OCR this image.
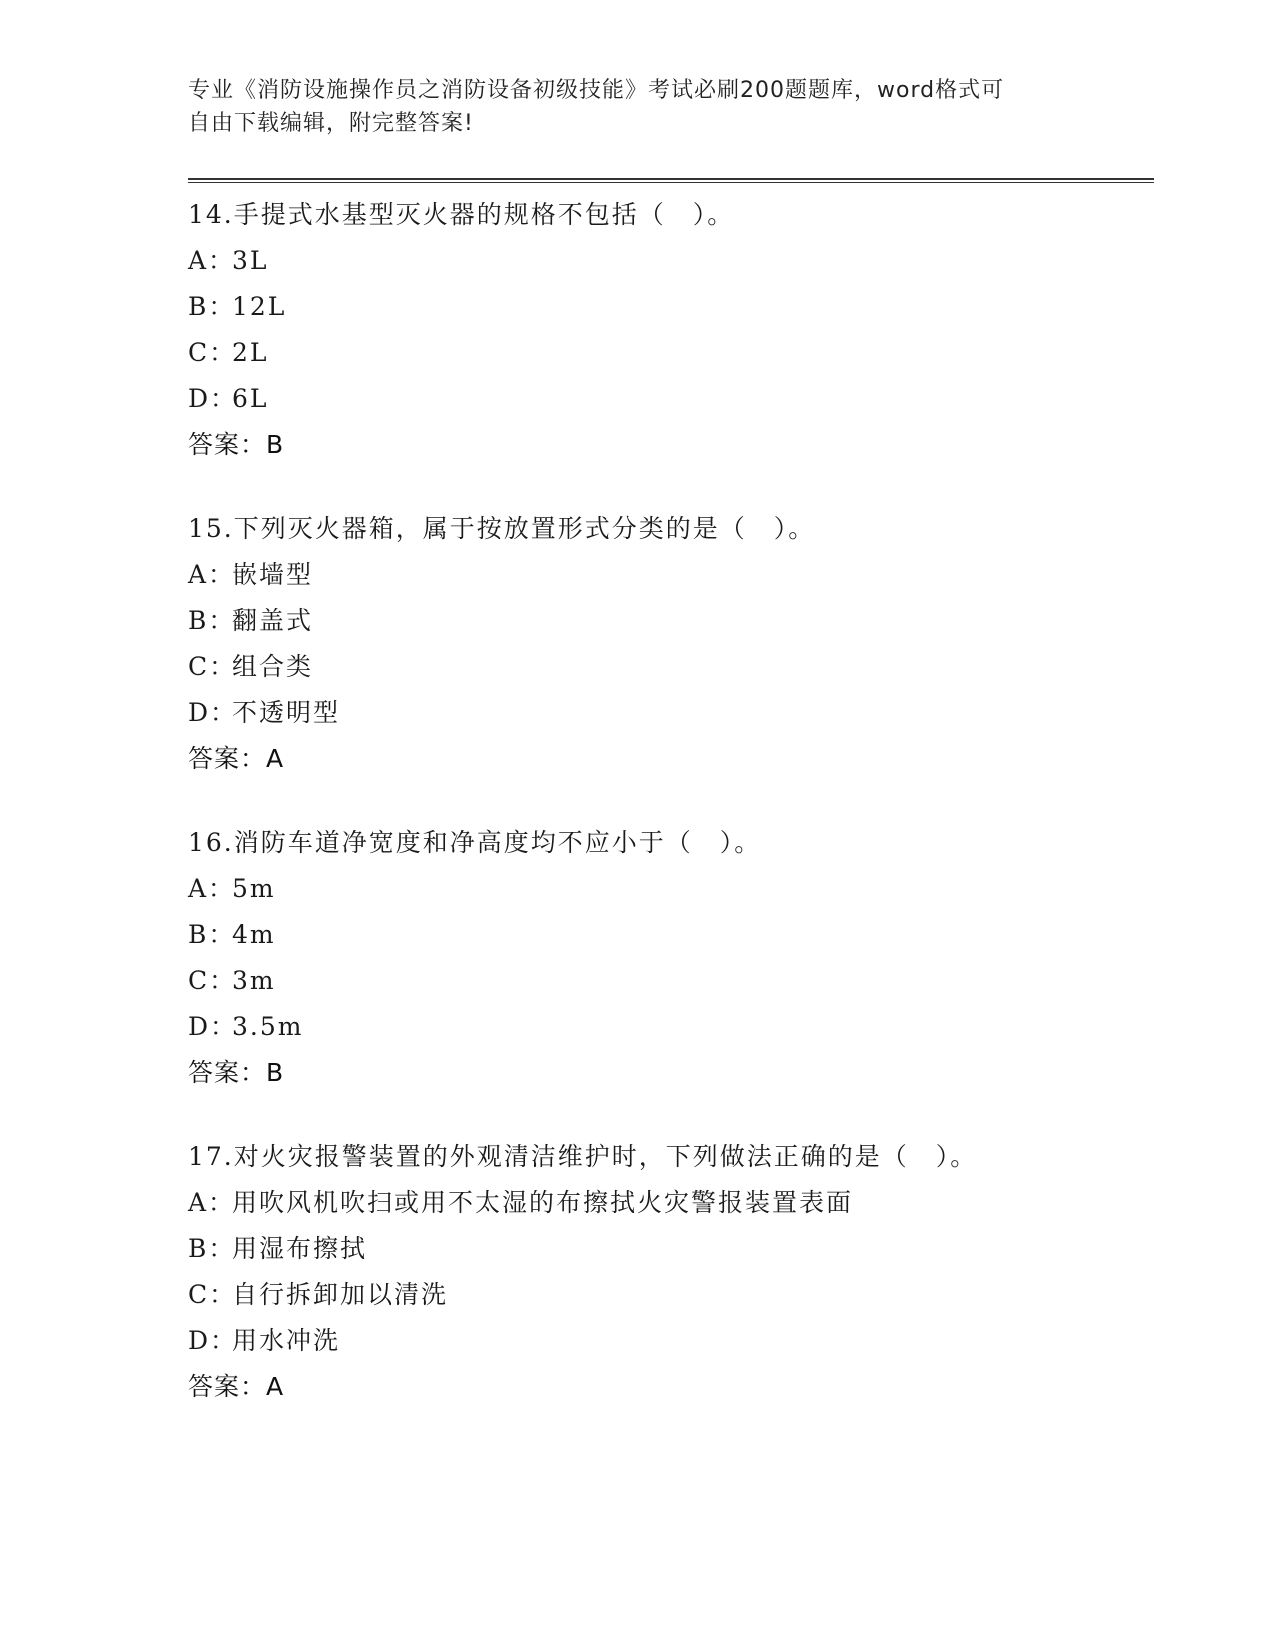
专业《消防设施操作员之消防设备初级技能》考试必刷200题题库，word格式可
自由下载编辑，附完整答案!
14.手提式水基型灭火器的规格不包括（　）。
A：3L
B：12L
C：2L
D：6L
答案：B
15.下列灭火器箱，属于按放置形式分类的是（　）。
A：嵌墙型
B：翻盖式
C：组合类
D：不透明型
答案：A
16.消防车道净宽度和净高度均不应小于（　）。
A：5m
B：4m
C：3m
D：3.5m
答案：B
17.对火灾报警装置的外观清洁维护时，下列做法正确的是（　）。
A：用吹风机吹扫或用不太湿的布擦拭火灾警报装置表面
B：用湿布擦拭
C：自行拆卸加以清洗
D：用水冲洗
答案：A
